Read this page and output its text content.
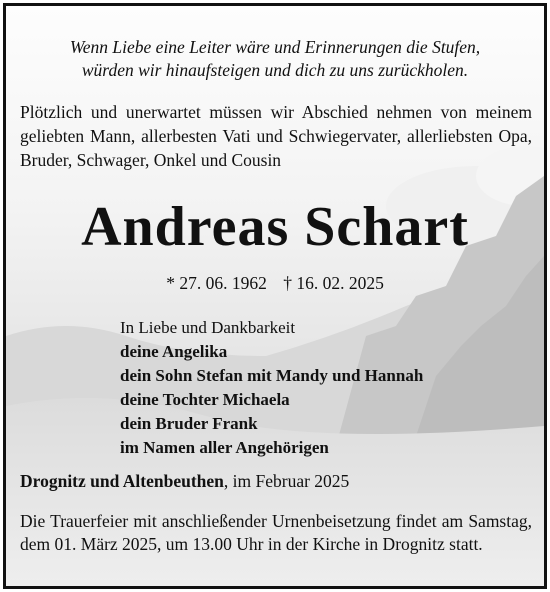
Wenn Liebe eine Leiter wäre und Erinnerungen die Stufen,
würden wir hinaufsteigen und dich zu uns zurückholen.
Plötzlich und unerwartet müssen wir Abschied nehmen von meinem geliebten Mann, allerbesten Vati und Schwiegervater, allerliebsten Opa, Bruder, Schwager, Onkel und Cousin
Andreas Schart
* 27. 06. 1962 † 16. 02. 2025
In Liebe und Dankbarkeit
deine Angelika
dein Sohn Stefan mit Mandy und Hannah
deine Tochter Michaela
dein Bruder Frank
im Namen aller Angehörigen
Drognitz und Altenbeuthen, im Februar 2025
Die Trauerfeier mit anschließender Urnenbeisetzung findet am Samstag, dem 01. März 2025, um 13.00 Uhr in der Kirche in Drognitz statt.
